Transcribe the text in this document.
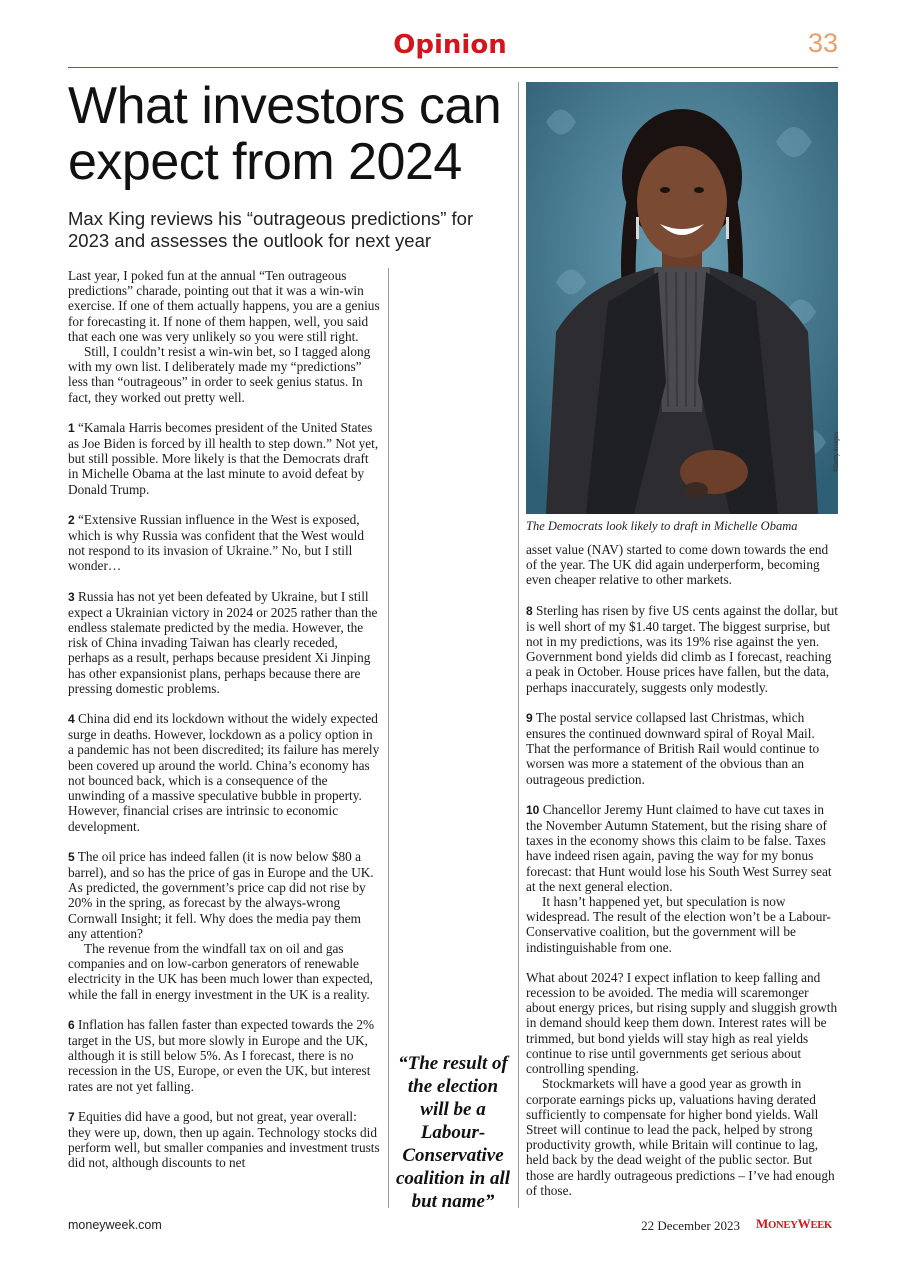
Opinion	33
What investors can expect from 2024
Max King reviews his “outrageous predictions” for 2023 and assesses the outlook for next year

Last year, I poked fun at the annual “Ten outrageous predictions” charade, pointing out that it was a win-win exercise. If one of them actually happens, you are a genius for forecasting it. If none of them happen, well, you said that each one was very unlikely so you were still right.

Still, I couldn’t resist a win-win bet, so I tagged along with my own list. I deliberately made my “predictions” less than “outrageous” in order to seek genius status. In fact, they worked out pretty well.

1 “Kamala Harris becomes president of the United States as Joe Biden is forced by ill health to step down.” Not yet, but still possible. More likely is that the Democrats draft in Michelle Obama at the last minute to avoid defeat by Donald Trump.

2 “Extensive Russian influence in the West is exposed, which is why Russia was confident that the West would not respond to its invasion of Ukraine.” No, but I still wonder…

3 Russia has not yet been defeated by Ukraine, but I still expect a Ukrainian victory in 2024 or 2025 rather than the endless stalemate predicted by the media. However, the risk of China invading Taiwan has clearly receded, perhaps as a result, perhaps because president Xi Jinping has other expansionist plans, perhaps because there are pressing domestic problems.

4 China did end its lockdown without the widely expected surge in deaths. However, lockdown as a policy option in a pandemic has not been discredited; its failure has merely been covered up around the world. China’s economy has not bounced back, which is a consequence of the unwinding of a massive speculative bubble in property. However, financial crises are intrinsic to economic development.

5 The oil price has indeed fallen (it is now below $80 a barrel), and so has the price of gas in Europe and the UK. As predicted, the government’s price cap did not rise by 20% in the spring, as forecast by the always-wrong Cornwall Insight; it fell. Why does the media pay them any attention?

The revenue from the windfall tax on oil and gas companies and on low-carbon generators of renewable electricity in the UK has been much lower than expected, while the fall in energy investment in the UK is a reality.

6 Inflation has fallen faster than expected towards the 2% target in the US, but more slowly in Europe and the UK, although it is still below 5%. As I forecast, there is no recession in the US, Europe, or even the UK, but interest rates are not yet falling.

7 Equities did have a good, but not great, year overall: they were up, down, then up again. Technology stocks did perform well, but smaller companies and investment trusts did not, although discounts to net

“The result of the election will be a Labour-Conservative coalition in all but name”
©Getty Images
The Democrats look likely to draft in Michelle Obama

asset value (NAV) started to come down towards the end of the year. The UK did again underperform, becoming even cheaper relative to other markets.

8 Sterling has risen by five US cents against the dollar, but is well short of my $1.40 target. The biggest surprise, but not in my predictions, was its 19% rise against the yen. Government bond yields did climb as I forecast, reaching a peak in October. House prices have fallen, but the data, perhaps inaccurately, suggests only modestly.

9 The postal service collapsed last Christmas, which ensures the continued downward spiral of Royal Mail. That the performance of British Rail would continue to worsen was more a statement of the obvious than an outrageous prediction.

10 Chancellor Jeremy Hunt claimed to have cut taxes in the November Autumn Statement, but the rising share of taxes in the economy shows this claim to be false. Taxes have indeed risen again, paving the way for my bonus forecast: that Hunt would lose his South West Surrey seat at the next general election.

It hasn’t happened yet, but speculation is now widespread. The result of the election won’t be a Labour-Conservative coalition, but the government will be indistinguishable from one.

What about 2024? I expect inflation to keep falling and recession to be avoided. The media will scaremonger about energy prices, but rising supply and sluggish growth in demand should keep them down. Interest rates will be trimmed, but bond yields will stay high as real yields continue to rise until governments get serious about controlling spending.

Stockmarkets will have a good year as growth in corporate earnings picks up, valuations having derated sufficiently to compensate for higher bond yields. Wall Street will continue to lead the pack, helped by strong productivity growth, while Britain will continue to lag, held back by the dead weight of the public sector. But those are hardly outrageous predictions – I’ve had enough of those.

moneyweek.com	22 December 2023 MONEYWEEK
